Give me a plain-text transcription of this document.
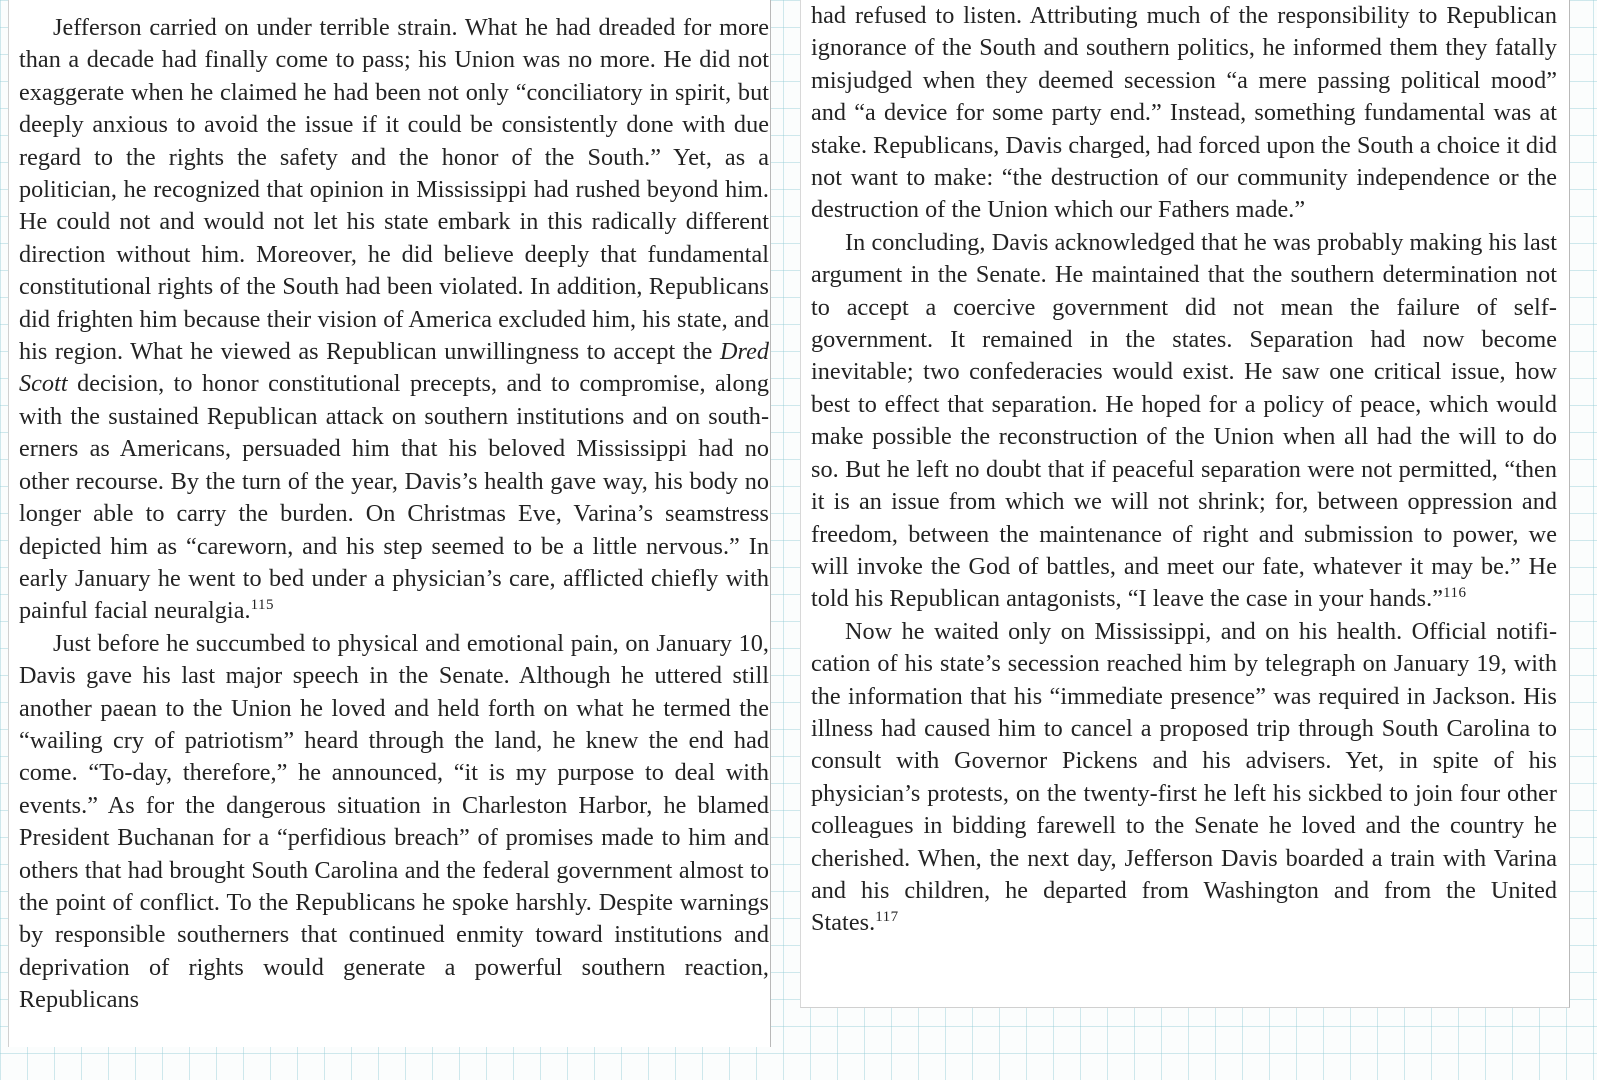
Jefferson carried on under terrible strain. What he had dreaded for more than a decade had finally come to pass; his Union was no more. He did not exaggerate when he claimed he had been not only “conciliatory in spirit, but deeply anxious to avoid the issue if it could be consistently done with due regard to the rights the safety and the honor of the South.” Yet, as a politician, he recognized that opinion in Mississippi had rushed beyond him. He could not and would not let his state embark in this radically different direction without him. Moreover, he did believe deeply that fundamental constitutional rights of the South had been violated. In addition, Republicans did frighten him because their vision of America excluded him, his state, and his region. What he viewed as Republican unwillingness to accept the Dred Scott decision, to honor constitutional precepts, and to compromise, along with the sustained Republican attack on southern institutions and on southerners as Americans, persuaded him that his beloved Mississippi had no other recourse. By the turn of the year, Davis’s health gave way, his body no longer able to carry the burden. On Christmas Eve, Varina’s seamstress depicted him as “careworn, and his step seemed to be a little nervous.” In early January he went to bed under a physician’s care, afflicted chiefly with painful facial neuralgia.$^{115}$

Just before he succumbed to physical and emotional pain, on January 10, Davis gave his last major speech in the Senate. Although he uttered still another paean to the Union he loved and held forth on what he termed the “wailing cry of patriotism” heard through the land, he knew the end had come. “To-day, therefore,” he announced, “it is my purpose to deal with events.” As for the dangerous situation in Charleston Harbor, he blamed President Buchanan for a “perfidious breach” of promises made to him and others that had brought South Carolina and the federal government almost to the point of conflict. To the Republicans he spoke harshly. Despite warnings by responsible southerners that continued enmity toward institutions and deprivation of rights would generate a powerful southern reaction, Republicans

had refused to listen. Attributing much of the responsibility to Republican ignorance of the South and southern politics, he informed them they fatally misjudged when they deemed secession “a mere passing political mood” and “a device for some party end.” Instead, something fundamental was at stake. Republicans, Davis charged, had forced upon the South a choice it did not want to make: “the destruction of our community independence or the destruction of the Union which our Fathers made.”

In concluding, Davis acknowledged that he was probably making his last argument in the Senate. He maintained that the southern determination not to accept a coercive government did not mean the failure of self-government. It remained in the states. Separation had now become inevitable; two confederacies would exist. He saw one critical issue, how best to effect that separation. He hoped for a policy of peace, which would make possible the reconstruction of the Union when all had the will to do so. But he left no doubt that if peaceful separation were not permitted, “then it is an issue from which we will not shrink; for, between oppression and freedom, between the maintenance of right and submission to power, we will invoke the God of battles, and meet our fate, whatever it may be.” He told his Republican antagonists, “I leave the case in your hands.”$^{116}$

Now he waited only on Mississippi, and on his health. Official notification of his state’s secession reached him by telegraph on January 19, with the information that his “immediate presence” was required in Jackson. His illness had caused him to cancel a proposed trip through South Carolina to consult with Governor Pickens and his advisers. Yet, in spite of his physician’s protests, on the twenty-first he left his sickbed to join four other colleagues in bidding farewell to the Senate he loved and the country he cherished. When, the next day, Jefferson Davis boarded a train with Varina and his children, he departed from Washington and from the United States.$^{117}$
